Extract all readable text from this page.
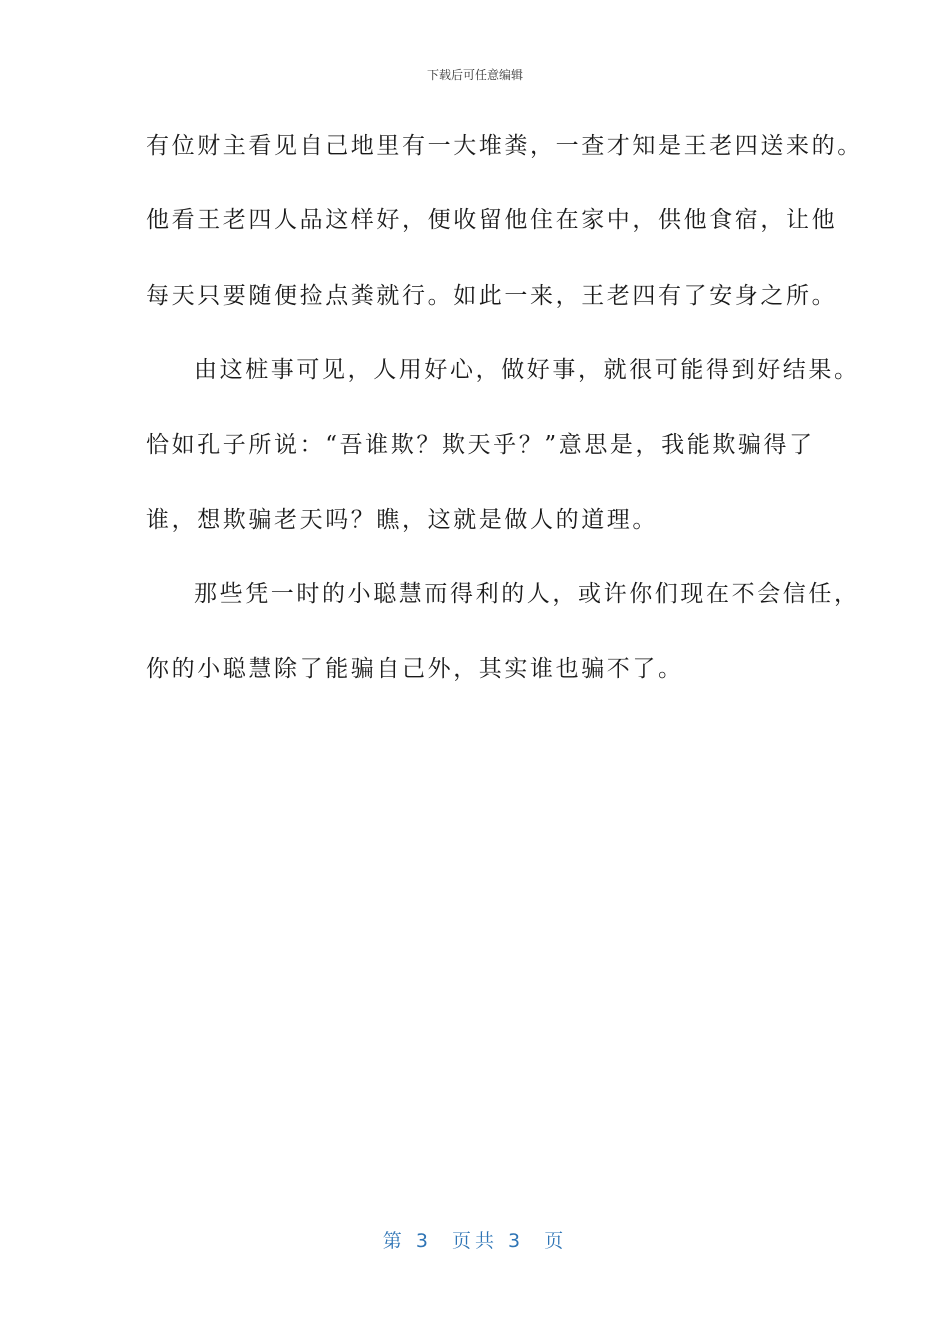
下载后可任意编辑
有位财主看见自己地里有一大堆粪，一查才知是王老四送来的。
他看王老四人品这样好，便收留他住在家中，供他食宿，让他
每天只要随便捡点粪就行。如此一来，王老四有了安身之所。
由这桩事可见，人用好心，做好事，就很可能得到好结果。
恰如孔子所说：“吾谁欺？欺天乎？”意思是，我能欺骗得了
谁，想欺骗老天吗？瞧，这就是做人的道理。
那些凭一时的小聪慧而得利的人，或许你们现在不会信任，
你的小聪慧除了能骗自己外，其实谁也骗不了。
第 3  页共 3  页
